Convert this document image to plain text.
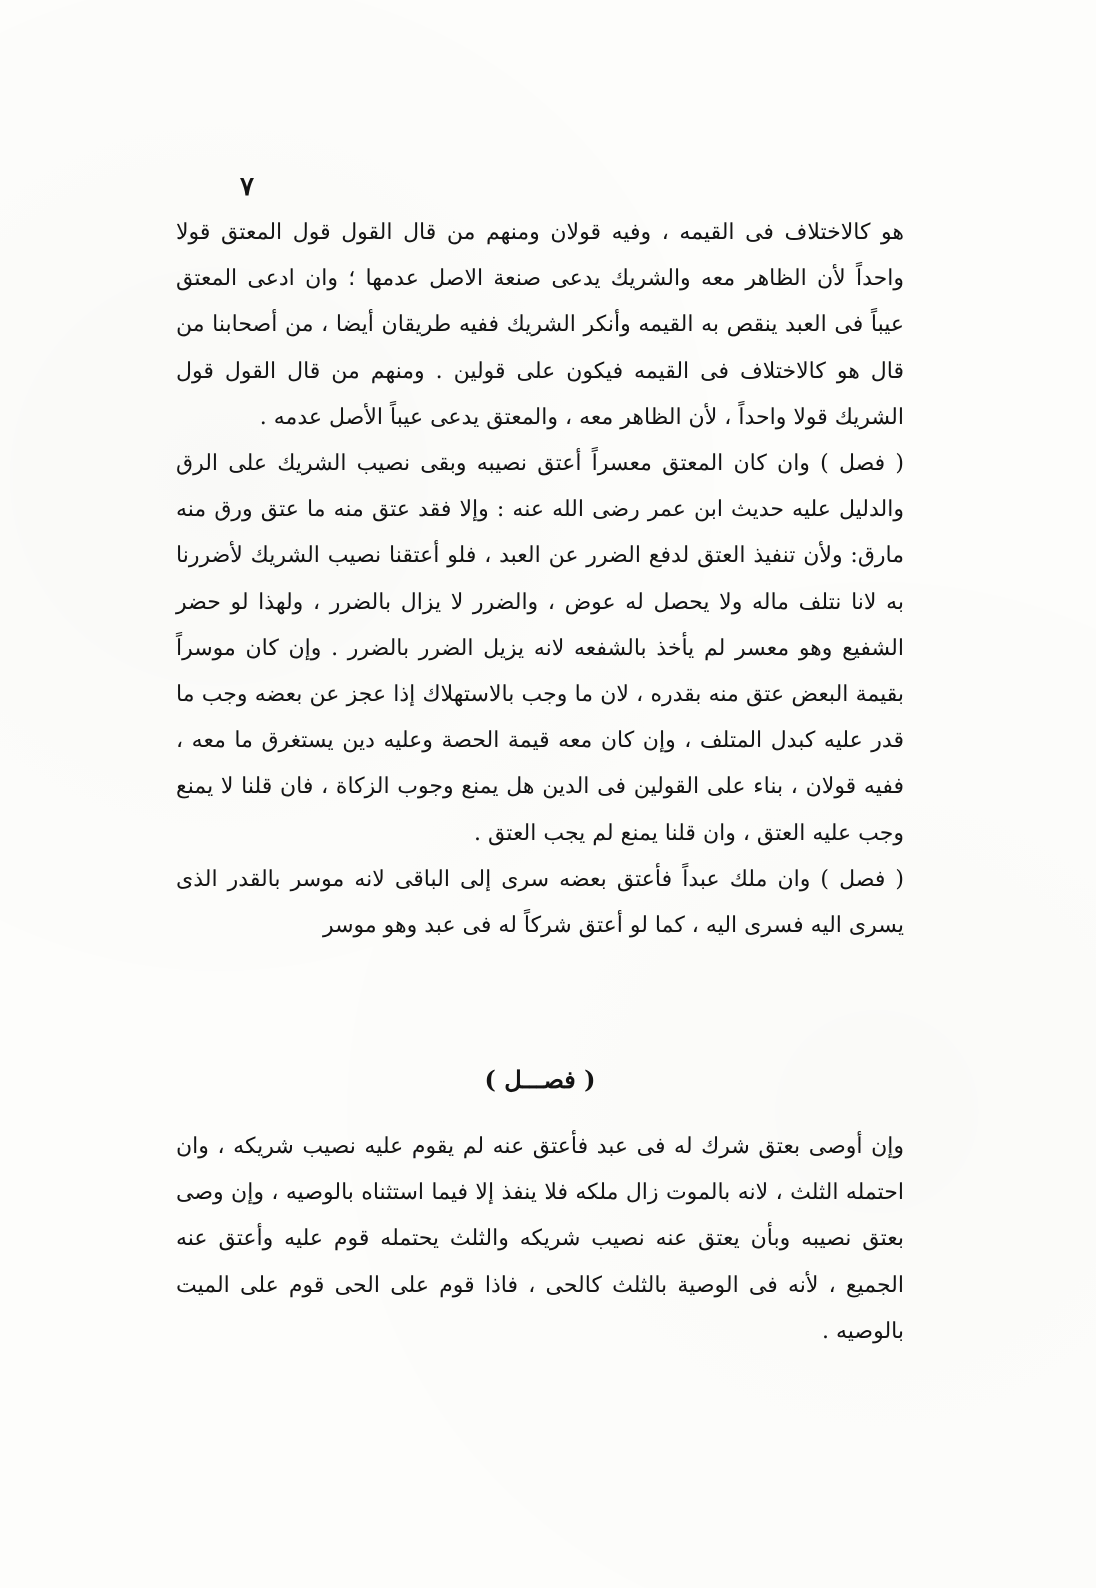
٧

هو كالاختلاف فى القيمه ، وفيه قولان ومنهم من قال القول قول المعتق قولا واحداً لأن الظاهر معه والشريك يدعى صنعة الاصل عدمها ؛ وان ادعى المعتق عيباً فى العبد ينقص به القيمه وأنكر الشريك ففيه طريقان أيضا ، من أصحابنا من قال هو كالاختلاف فى القيمه فيكون على قولين . ومنهم من قال القول قول الشريك قولا واحداً ، لأن الظاهر معه ، والمعتق يدعى عيباً الأصل عدمه .

( فصل ) وان كان المعتق معسراً أعتق نصيبه وبقى نصيب الشريك على الرق والدليل عليه حديث ابن عمر رضى الله عنه : وإلا فقد عتق منه ما عتق ورق منه مارق: ولأن تنفيذ العتق لدفع الضرر عن العبد ، فلو أعتقنا نصيب الشريك لأضررنا به لانا نتلف ماله ولا يحصل له عوض ، والضرر لا يزال بالضرر ، ولهذا لو حضر الشفيع وهو معسر لم يأخذ بالشفعه لانه يزيل الضرر بالضرر . وإن كان موسراً بقيمة البعض عتق منه بقدره ، لان ما وجب بالاستهلاك إذا عجز عن بعضه وجب ما قدر عليه كبدل المتلف ، وإن كان معه قيمة الحصة وعليه دين يستغرق ما معه ، ففيه قولان ، بناء على القولين فى الدين هل يمنع وجوب الزكاة ، فان قلنا لا يمنع وجب عليه العتق ، وان قلنا يمنع لم يجب العتق .

( فصل ) وان ملك عبداً فأعتق بعضه سرى إلى الباقى لانه موسر بالقدر الذى يسرى اليه فسرى اليه ، كما لو أعتق شركاً له فى عبد وهو موسر

( فصـــل )

وإن أوصى بعتق شرك له فى عبد فأعتق عنه لم يقوم عليه نصيب شريكه ، وان احتمله الثلث ، لانه بالموت زال ملكه فلا ينفذ إلا فيما استثناه بالوصيه ، وإن وصى بعتق نصيبه وبأن يعتق عنه نصيب شريكه والثلث يحتمله قوم عليه وأعتق عنه الجميع ، لأنه فى الوصية بالثلث كالحى ، فاذا قوم على الحى قوم على الميت بالوصيه .
